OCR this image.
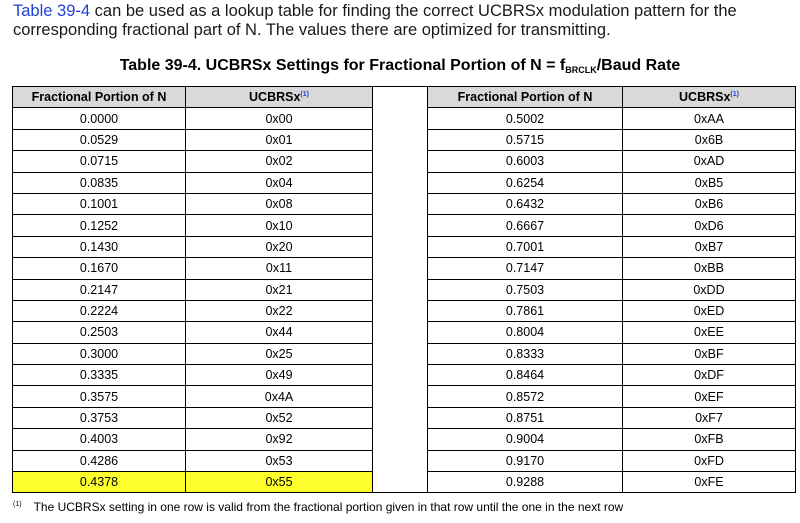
Table 39-4 can be used as a lookup table for finding the correct UCBRSx modulation pattern for the corresponding fractional part of N. The values there are optimized for transmitting.
Table 39-4. UCBRSx Settings for Fractional Portion of $N = f_{BRCLK}$/Baud Rate
Fractional Portion of N	UCBRSx$^{(1)}$		Fractional Portion of N	UCBRSx$^{(1)}$
0.0000	0x00		0.5002	0xAA
0.0529	0x01		0.5715	0x6B
0.0715	0x02		0.6003	0xAD
0.0835	0x04		0.6254	0xB5
0.1001	0x08		0.6432	0xB6
0.1252	0x10		0.6667	0xD6
0.1430	0x20		0.7001	0xB7
0.1670	0x11		0.7147	0xBB
0.2147	0x21		0.7503	0xDD
0.2224	0x22		0.7861	0xED
0.2503	0x44		0.8004	0xEE
0.3000	0x25		0.8333	0xBF
0.3335	0x49		0.8464	0xDF
0.3575	0x4A		0.8572	0xEF
0.3753	0x52		0.8751	0xF7
0.4003	0x92		0.9004	0xFB
0.4286	0x53		0.9170	0xFD
0.4378	0x55		0.9288	0xFE
$^{(1)}$ The UCBRSx setting in one row is valid from the fractional portion given in that row until the one in the next row
